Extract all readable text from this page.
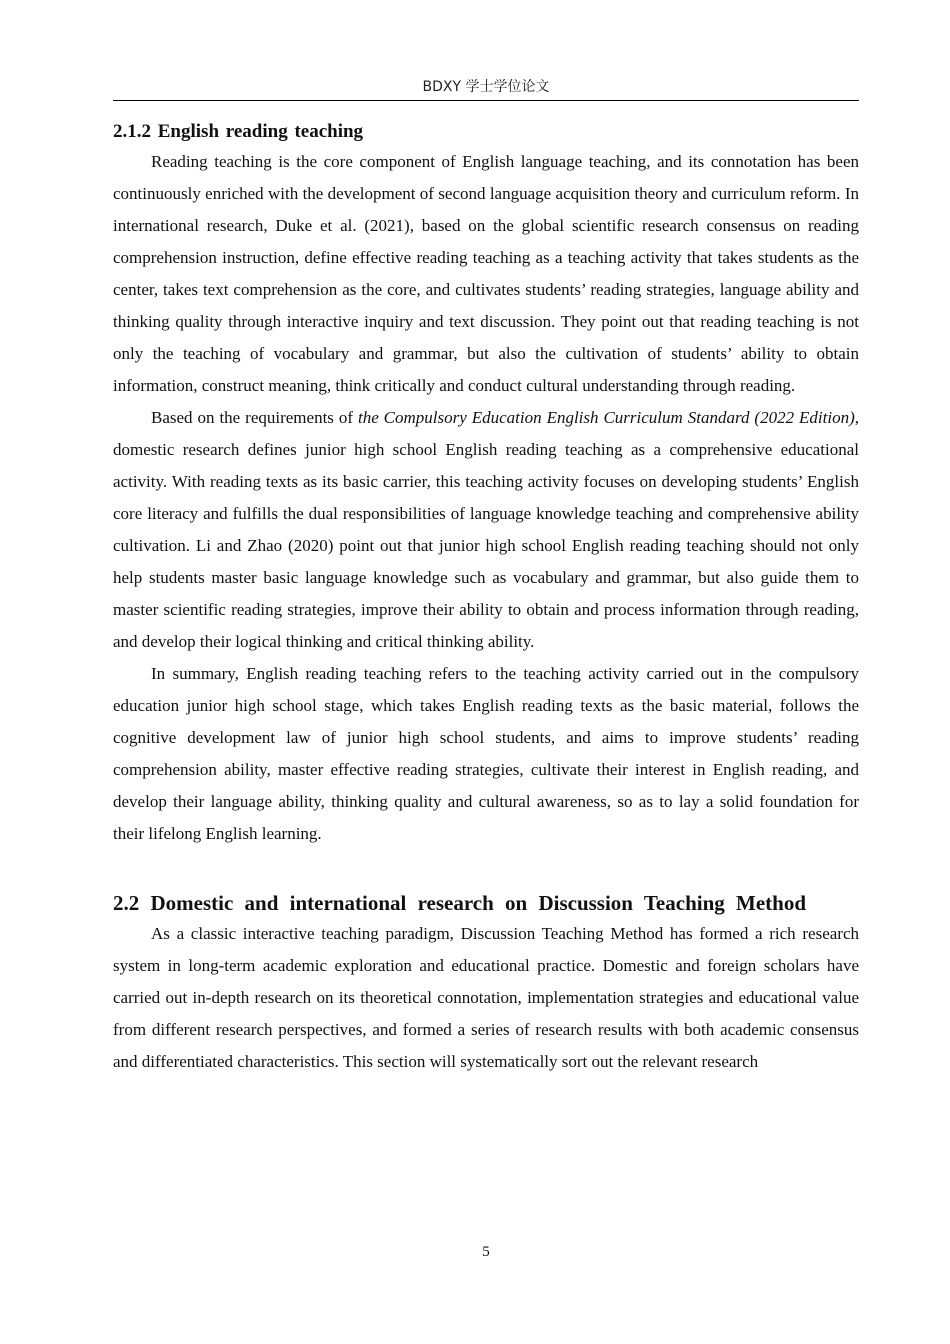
BDXY 学士学位论文
2.1.2 English reading teaching

Reading teaching is the core component of English language teaching, and its connotation has been continuously enriched with the development of second language acquisition theory and curriculum reform. In international research, Duke et al. (2021), based on the global scientific research consensus on reading comprehension instruction, define effective reading teaching as a teaching activity that takes students as the center, takes text comprehension as the core, and cultivates students’ reading strategies, language ability and thinking quality through interactive inquiry and text discussion. They point out that reading teaching is not only the teaching of vocabulary and grammar, but also the cultivation of students’ ability to obtain information, construct meaning, think critically and conduct cultural understanding through reading.

Based on the requirements of the Compulsory Education English Curriculum Standard (2022 Edition), domestic research defines junior high school English reading teaching as a comprehensive educational activity. With reading texts as its basic carrier, this teaching activity focuses on developing students’ English core literacy and fulfills the dual responsibilities of language knowledge teaching and comprehensive ability cultivation. Li and Zhao (2020) point out that junior high school English reading teaching should not only help students master basic language knowledge such as vocabulary and grammar, but also guide them to master scientific reading strategies, improve their ability to obtain and process information through reading, and develop their logical thinking and critical thinking ability.

In summary, English reading teaching refers to the teaching activity carried out in the compulsory education junior high school stage, which takes English reading texts as the basic material, follows the cognitive development law of junior high school students, and aims to improve students’ reading comprehension ability, master effective reading strategies, cultivate their interest in English reading, and develop their language ability, thinking quality and cultural awareness, so as to lay a solid foundation for their lifelong English learning.

2.2 Domestic and international research on Discussion Teaching Method

As a classic interactive teaching paradigm, Discussion Teaching Method has formed a rich research system in long-term academic exploration and educational practice. Domestic and foreign scholars have carried out in-depth research on its theoretical connotation, implementation strategies and educational value from different research perspectives, and formed a series of research results with both academic consensus and differentiated characteristics. This section will systematically sort out the relevant research

5
